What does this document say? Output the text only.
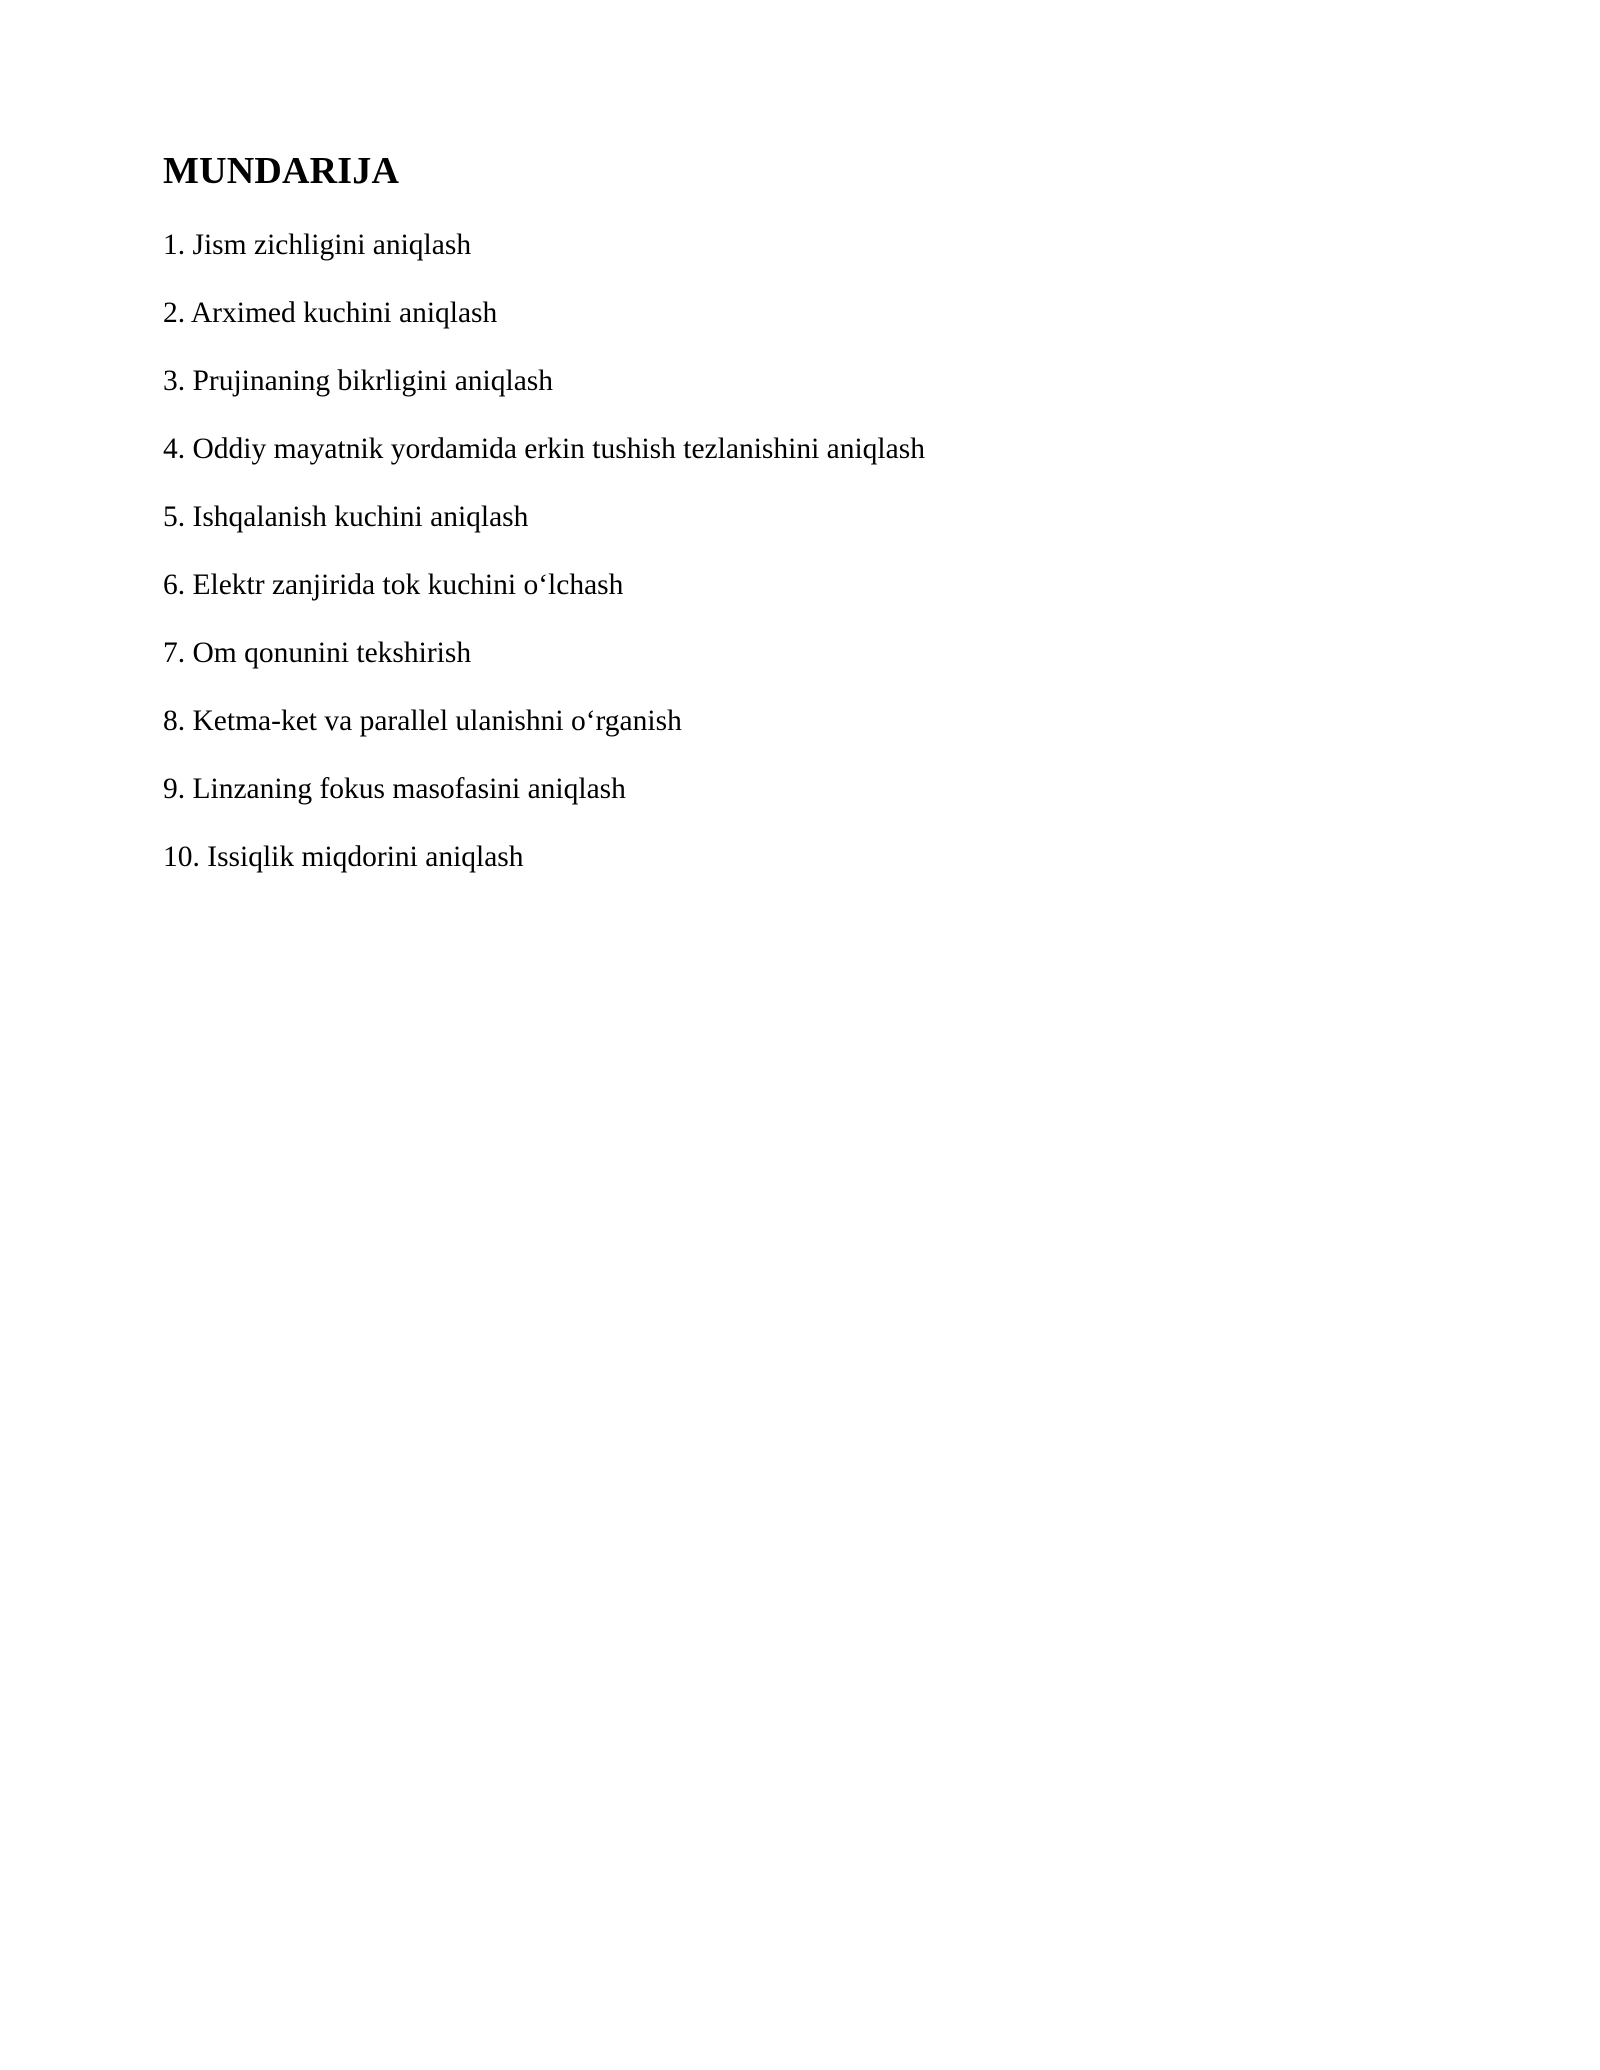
MUNDARIJA
1. Jism zichligini aniqlash
2. Arximed kuchini aniqlash
3. Prujinaning bikrligini aniqlash
4. Oddiy mayatnik yordamida erkin tushish tezlanishini aniqlash
5. Ishqalanish kuchini aniqlash
6. Elektr zanjirida tok kuchini o‘lchash
7. Om qonunini tekshirish
8. Ketma-ket va parallel ulanishni o‘rganish
9. Linzaning fokus masofasini aniqlash
10. Issiqlik miqdorini aniqlash
